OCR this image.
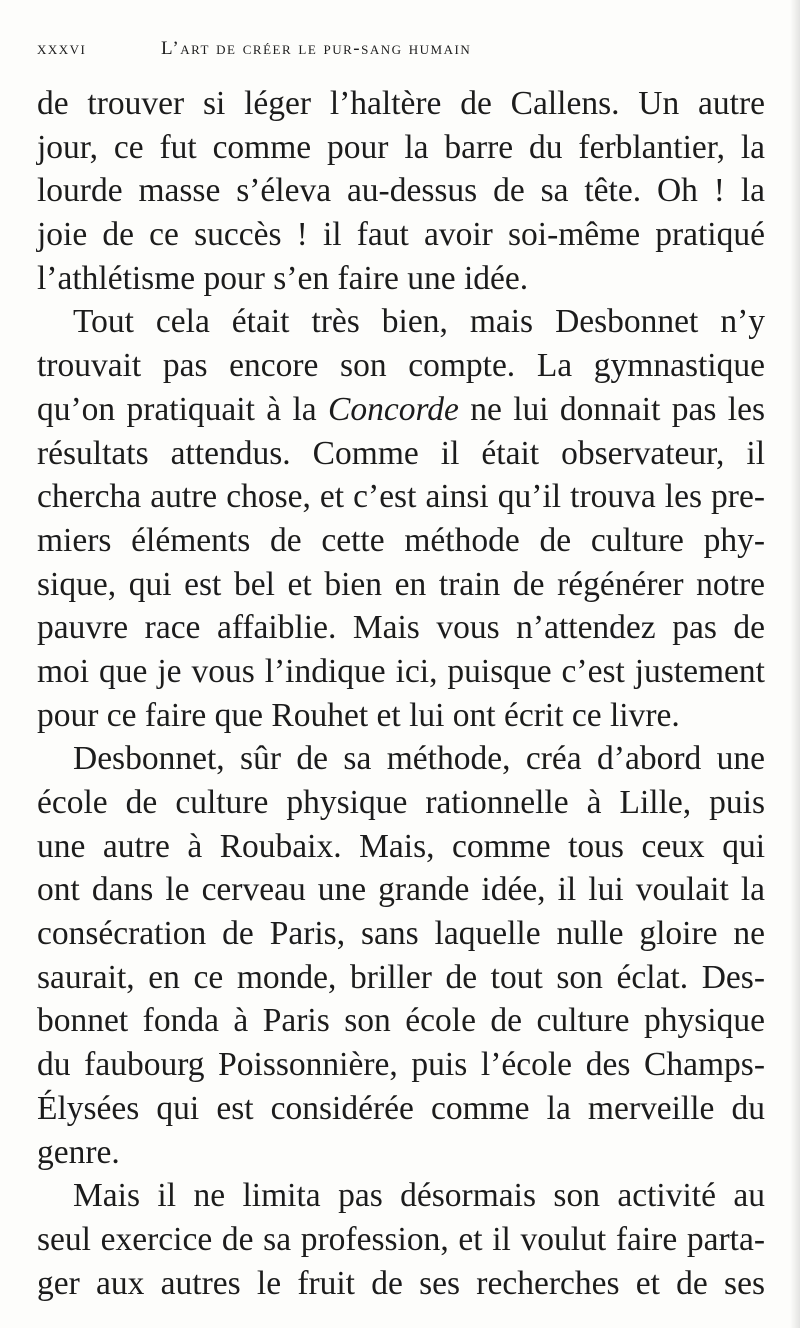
xxxvi	L’art de créer le pur-sang humain
de trouver si léger l’haltère de Callens. Un autre
jour, ce fut comme pour la barre du ferblantier, la
lourde masse s’éleva au-dessus de sa tête. Oh ! la
joie de ce succès ! il faut avoir soi-même pratiqué
l’athlétisme pour s’en faire une idée.
Tout cela était très bien, mais Desbonnet n’y
trouvait pas encore son compte. La gymnastique
qu’on pratiquait à la Concorde ne lui donnait pas les
résultats attendus. Comme il était observateur, il
chercha autre chose, et c’est ainsi qu’il trouva les pre-
miers éléments de cette méthode de culture phy-
sique, qui est bel et bien en train de régénérer notre
pauvre race affaiblie. Mais vous n’attendez pas de
moi que je vous l’indique ici, puisque c’est justement
pour ce faire que Rouhet et lui ont écrit ce livre.
Desbonnet, sûr de sa méthode, créa d’abord une
école de culture physique rationnelle à Lille, puis
une autre à Roubaix. Mais, comme tous ceux qui
ont dans le cerveau une grande idée, il lui voulait la
consécration de Paris, sans laquelle nulle gloire ne
saurait, en ce monde, briller de tout son éclat. Des-
bonnet fonda à Paris son école de culture physique
du faubourg Poissonnière, puis l’école des Champs-
Élysées qui est considérée comme la merveille du
genre.
Mais il ne limita pas désormais son activité au
seul exercice de sa profession, et il voulut faire parta-
ger aux autres le fruit de ses recherches et de ses
